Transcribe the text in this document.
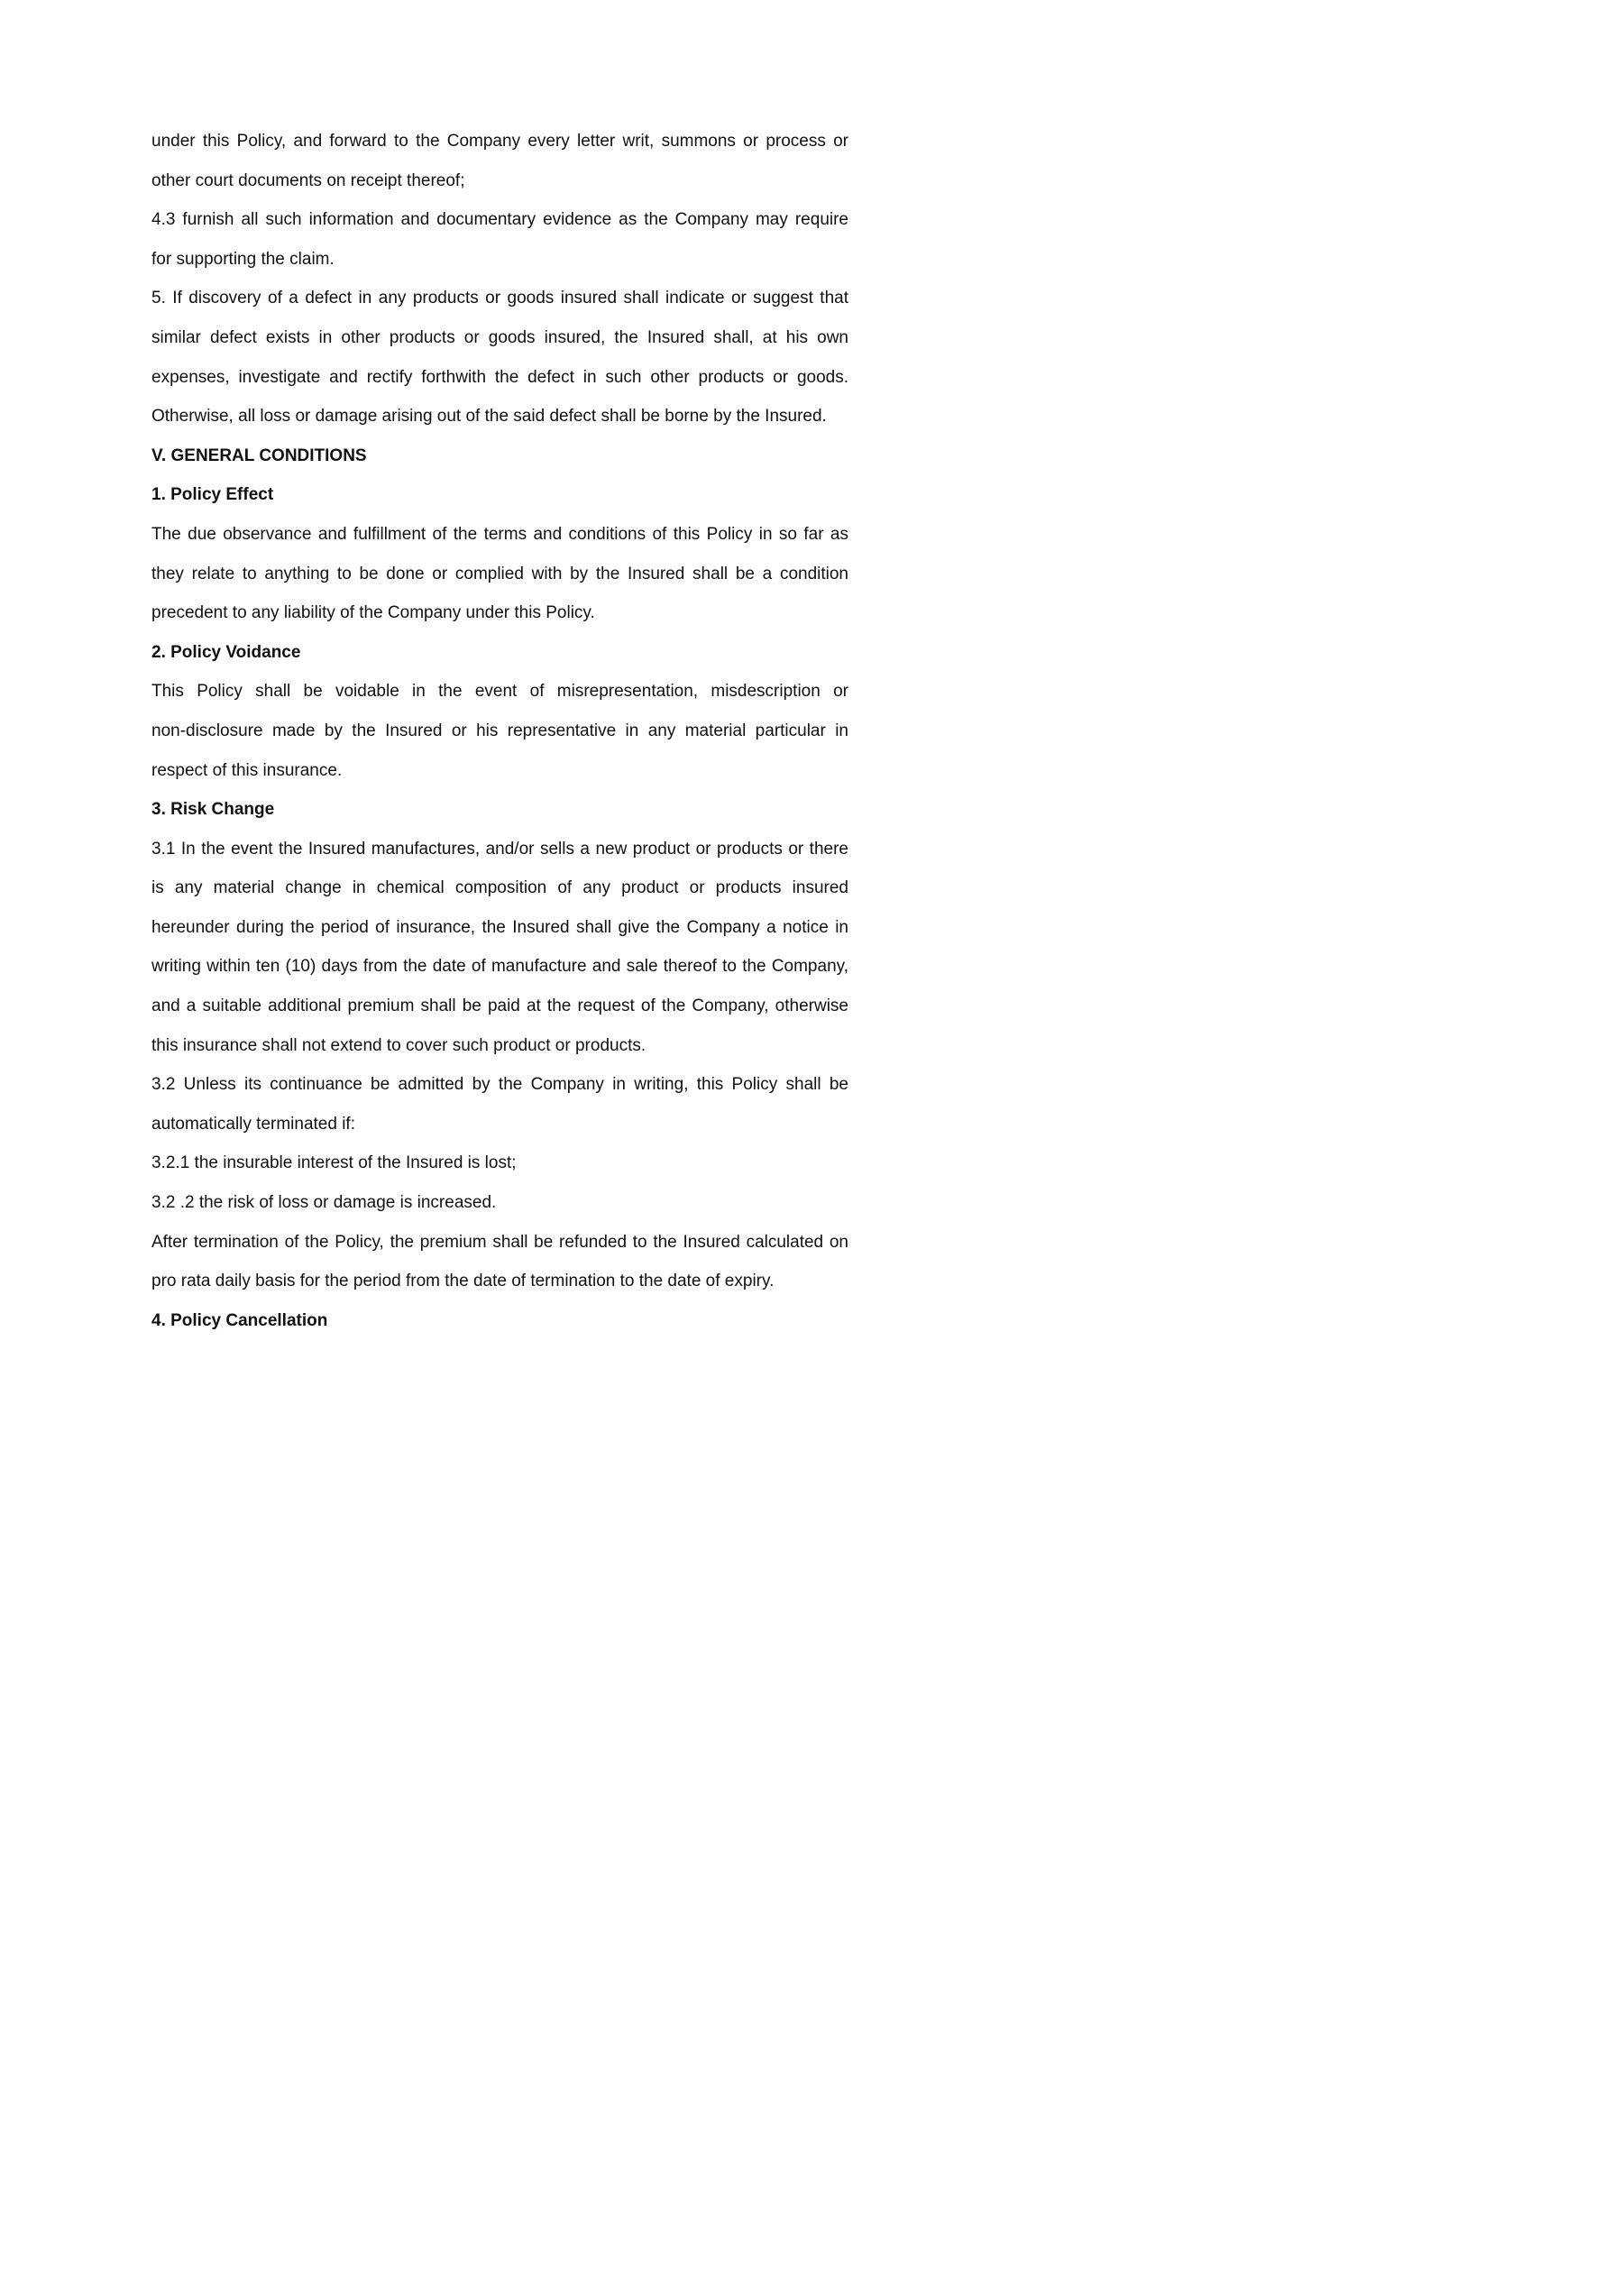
under this Policy, and forward to the Company every letter writ, summons or process or
other court documents on receipt thereof;
4.3 furnish all such information and documentary evidence as the Company may require
for supporting the claim.
5. If discovery of a defect in any products or goods insured shall indicate or suggest that
similar defect exists in other products or goods insured, the Insured shall, at his own
expenses, investigate and rectify forthwith the defect in such other products or goods.
Otherwise, all loss or damage arising out of the said defect shall be borne by the Insured.
V. GENERAL CONDITIONS
1. Policy Effect
The due observance and fulfillment of the terms and conditions of this Policy in so far as
they relate to anything to be done or complied with by the Insured shall be a condition
precedent to any liability of the Company under this Policy.
2. Policy Voidance
This Policy shall be voidable in the event of misrepresentation, misdescription or
non-disclosure made by the Insured or his representative in any material particular in
respect of this insurance.
3. Risk Change
3.1 In the event the Insured manufactures, and/or sells a new product or products or there
is any material change in chemical composition of any product or products insured
hereunder during the period of insurance, the Insured shall give the Company a notice in
writing within ten (10) days from the date of manufacture and sale thereof to the Company,
and a suitable additional premium shall be paid at the request of the Company, otherwise
this insurance shall not extend to cover such product or products.
3.2 Unless its continuance be admitted by the Company in writing, this Policy shall be
automatically terminated if:
3.2.1 the insurable interest of the Insured is lost;
3.2 .2 the risk of loss or damage is increased.
After termination of the Policy, the premium shall be refunded to the Insured calculated on
pro rata daily basis for the period from the date of termination to the date of expiry.
4. Policy Cancellation
